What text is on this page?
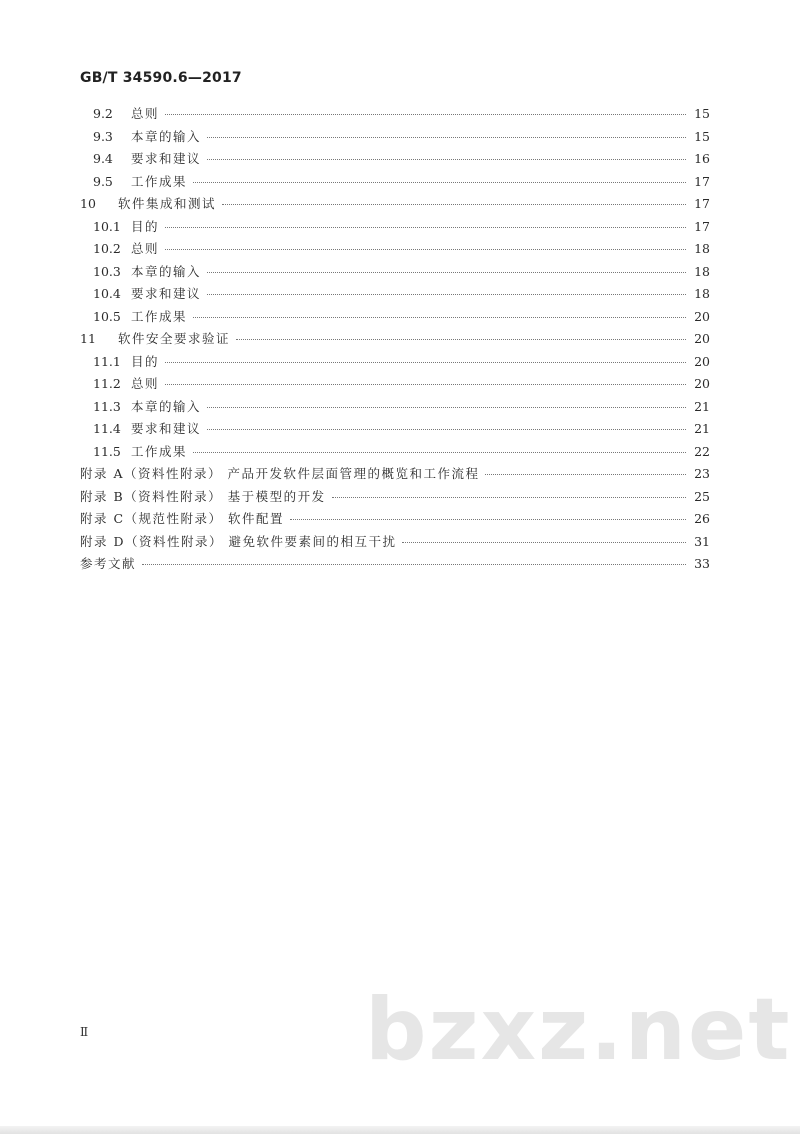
GB/T 34590.6—2017
9.2	总则	15
9.3	本章的输入	15
9.4	要求和建议	16
9.5	工作成果	17
10	软件集成和测试	17
10.1 目的	17
10.2 总则	18
10.3 本章的输入	18
10.4 要求和建议	18
10.5 工作成果	20
11	软件安全要求验证	20
11.1 目的	20
11.2 总则	20
11.3 本章的输入	21
11.4 要求和建议	21
11.5 工作成果	22
附录 A（资料性附录） 产品开发软件层面管理的概览和工作流程	23
附录 B（资料性附录） 基于模型的开发	25
附录 C（规范性附录） 软件配置	26
附录 D（资料性附录） 避免软件要素间的相互干扰	31
参考文献	33
Ⅱ	bzxz.net
